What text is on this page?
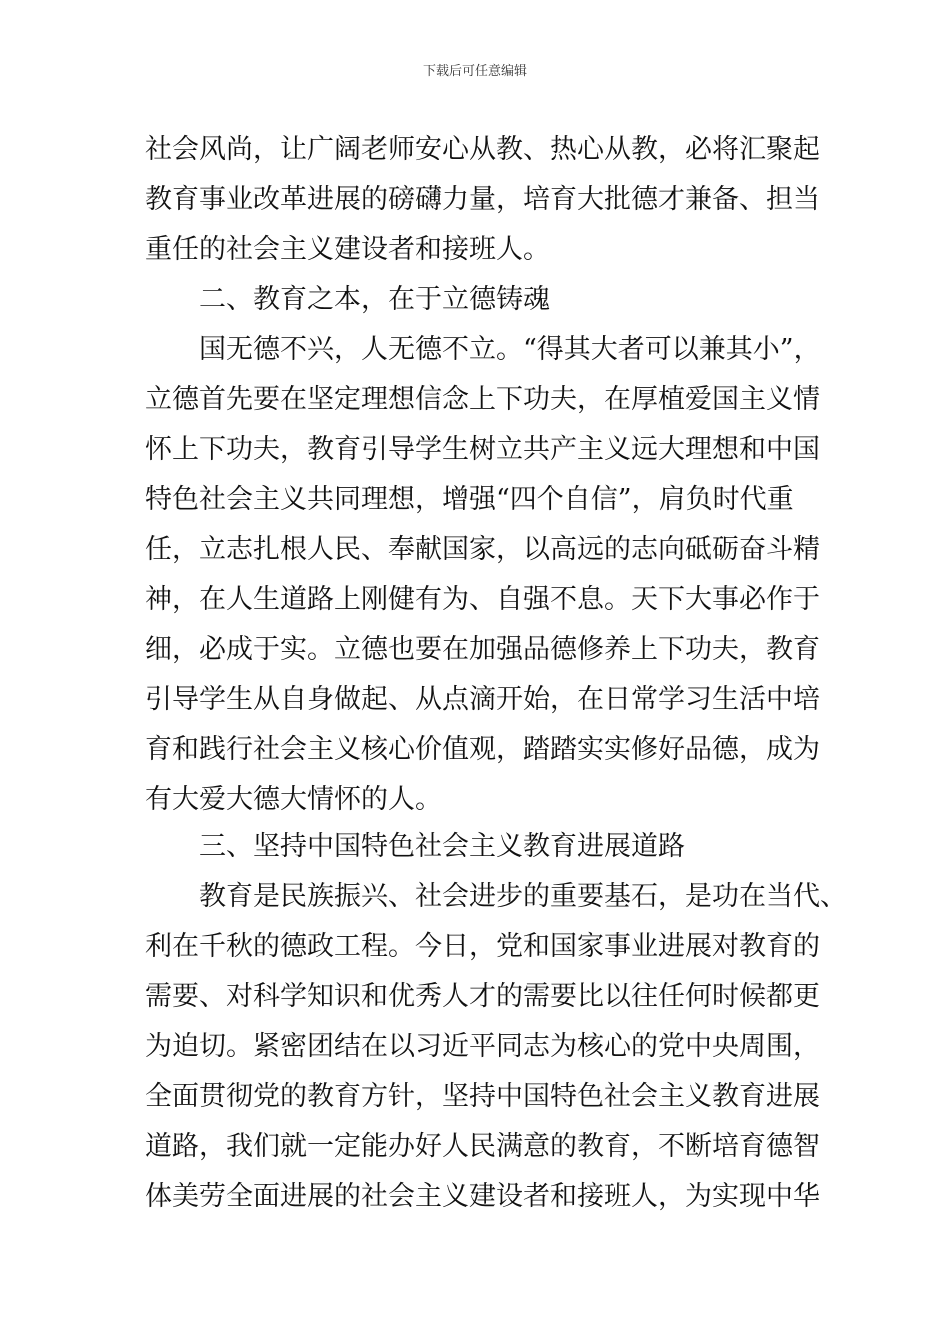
下载后可任意编辑
社会风尚，让广阔老师安心从教、热心从教，必将汇聚起
教育事业改革进展的磅礴力量，培育大批德才兼备、担当
重任的社会主义建设者和接班人。
　　二、教育之本，在于立德铸魂
　　国无德不兴，人无德不立。“得其大者可以兼其小”，
立德首先要在坚定理想信念上下功夫，在厚植爱国主义情
怀上下功夫，教育引导学生树立共产主义远大理想和中国
特色社会主义共同理想，增强“四个自信”，肩负时代重
任，立志扎根人民、奉献国家，以高远的志向砥砺奋斗精
神，在人生道路上刚健有为、自强不息。天下大事必作于
细，必成于实。立德也要在加强品德修养上下功夫，教育
引导学生从自身做起、从点滴开始，在日常学习生活中培
育和践行社会主义核心价值观，踏踏实实修好品德，成为
有大爱大德大情怀的人。
　　三、坚持中国特色社会主义教育进展道路
　　教育是民族振兴、社会进步的重要基石，是功在当代、
利在千秋的德政工程。今日，党和国家事业进展对教育的
需要、对科学知识和优秀人才的需要比以往任何时候都更
为迫切。紧密团结在以习近平同志为核心的党中央周围，
全面贯彻党的教育方针，坚持中国特色社会主义教育进展
道路，我们就一定能办好人民满意的教育，不断培育德智
体美劳全面进展的社会主义建设者和接班人，为实现中华
